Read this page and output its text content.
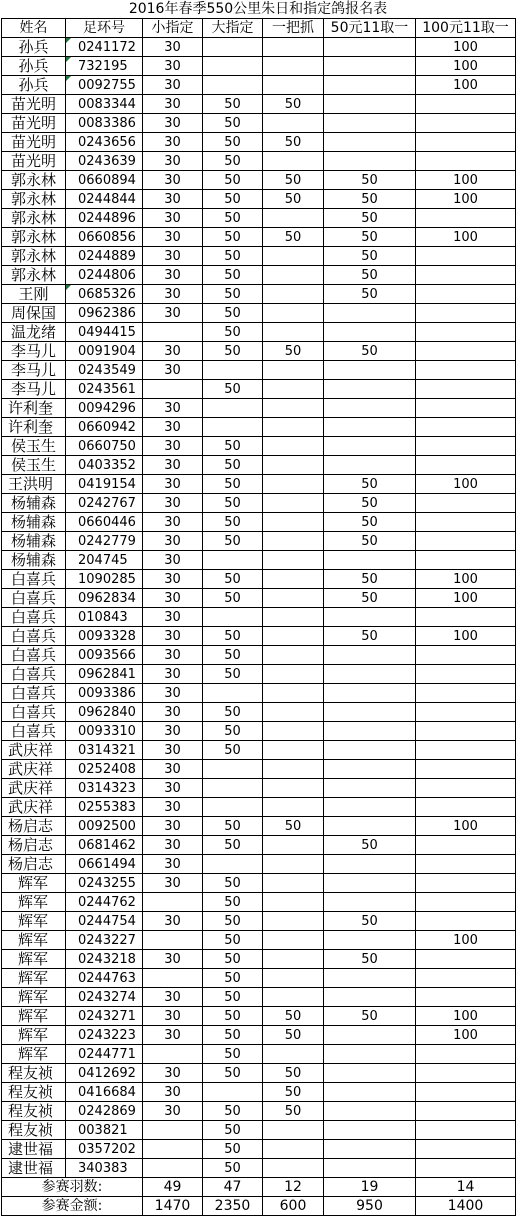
2016年春季550公里朱日和指定鸽报名表
姓名	足环号	小指定	大指定	一把抓	50元11取一	100元11取一
孙兵	0241172	30				100
孙兵	732195	30				100
孙兵	0092755	30				100
苗光明	0083344	30	50	50		
苗光明	0083386	30	50			
苗光明	0243656	30	50	50		
苗光明	0243639	30	50			
郭永林	0660894	30	50	50	50	100
郭永林	0244844	30	50	50	50	100
郭永林	0244896	30	50		50	
郭永林	0660856	30	50	50	50	100
郭永林	0244889	30	50		50	
郭永林	0244806	30	50		50	
王刚	0685326	30	50		50	
周保国	0962386	30	50			
温龙绪	0494415		50			
李马儿	0091904	30	50	50	50	
李马儿	0243549	30				
李马儿	0243561		50			
许利奎	0094296	30				
许利奎	0660942	30				
侯玉生	0660750	30	50			
侯玉生	0403352	30	50			
王洪明	0419154	30	50		50	100
杨辅森	0242767	30	50		50	
杨辅森	0660446	30	50		50	
杨辅森	0242779	30	50		50	
杨辅森	204745	30				
白喜兵	1090285	30	50		50	100
白喜兵	0962834	30	50		50	100
白喜兵	010843	30				
白喜兵	0093328	30	50		50	100
白喜兵	0093566	30	50			
白喜兵	0962841	30	50			
白喜兵	0093386	30				
白喜兵	0962840	30	50			
白喜兵	0093310	30	50			
武庆祥	0314321	30	50			
武庆祥	0252408	30				
武庆祥	0314323	30				
武庆祥	0255383	30				
杨启志	0092500	30	50	50		100
杨启志	0681462	30	50		50	
杨启志	0661494	30				
辉军	0243255	30	50			
辉军	0244762		50			
辉军	0244754	30	50		50	
辉军	0243227		50			100
辉军	0243218	30	50		50	
辉军	0244763		50			
辉军	0243274	30	50			
辉军	0243271	30	50	50	50	100
辉军	0243223	30	50	50		100
辉军	0244771		50			
程友祯	0412692	30	50	50		
程友祯	0416684	30		50		
程友祯	0242869	30	50	50		
程友祯	003821		50			
逮世福	0357202		50			
逮世福	340383		50			
参赛羽数:		49	47	12	19	14
参赛金额:		1470	2350	600	950	1400
